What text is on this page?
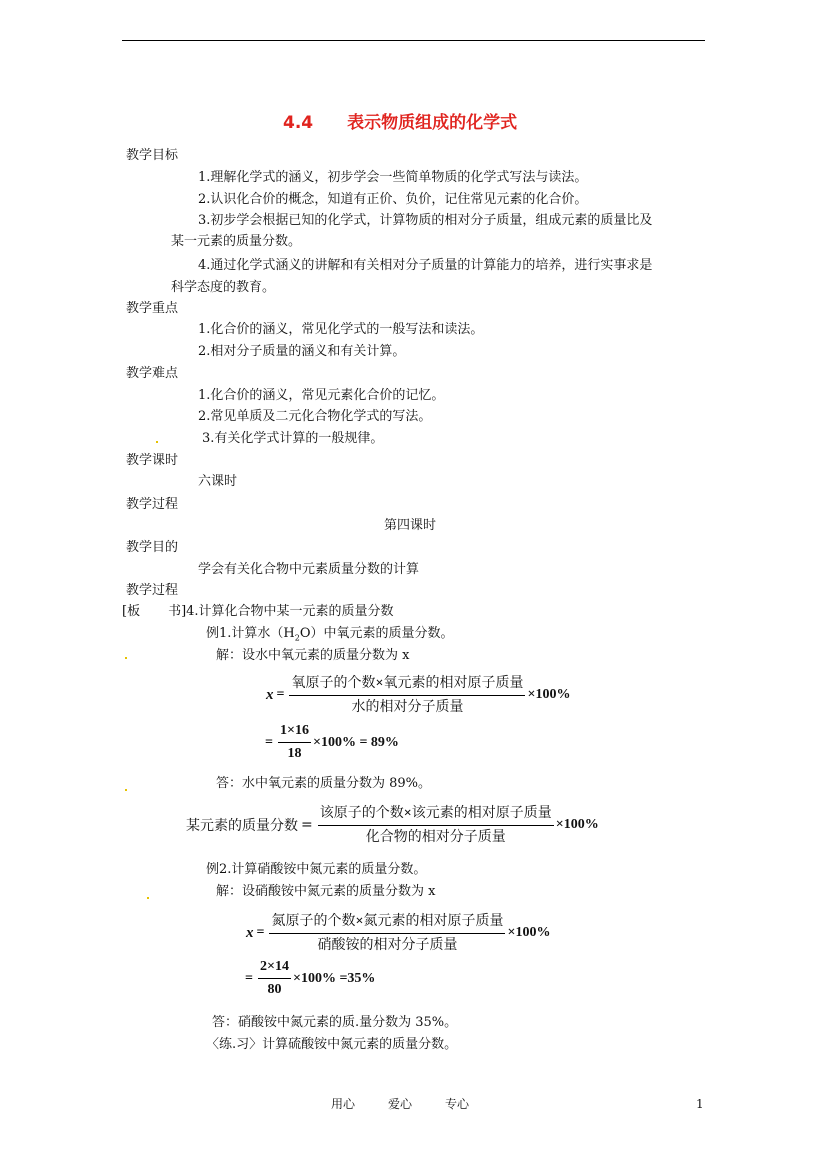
4.4 表示物质组成的化学式
教学目标
1.理解化学式的涵义，初步学会一些简单物质的化学式写法与读法。
2.认识化合价的概念，知道有正价、负价，记住常见元素的化合价。
3.初步学会根据已知的化学式，计算物质的相对分子质量，组成元素的质量比及
某一元素的质量分数。
4.通过化学式涵义的讲解和有关相对分子质量的计算能力的培养，进行实事求是
科学态度的教育。
教学重点
1.化合价的涵义，常见化学式的一般写法和读法。
2.相对分子质量的涵义和有关计算。
教学难点
1.化合价的涵义，常见元素化合价的记忆。
2.常见单质及二元化合物化学式的写法。
3.有关化学式计算的一般规律。
教学课时
六课时
教学过程
第四课时
教学目的
学会有关化合物中元素质量分数的计算
教学过程
[板 书]4.计算化合物中某一元素的质量分数
例1.计算水$(H_2O)$中氧元素的质量分数。
解：设水中氧元素的质量分数为 x
$x = \frac{\text{氧原子的个数×氧元素的相对原子质量}}{\text{水的相对分子质量}} \times 100\%$
= $\frac{1\times 16}{18} \times 100\% = 89\%$
答：水中氧元素的质量分数为 89%。
某元素的质量分数 = $\frac{\text{该原子的个数×该元素的相对原子质量}}{\text{化合物的相对分子质量}} \times 100\%$
例2.计算硝酸铵中氮元素的质量分数。
解：设硝酸铵中氮元素的质量分数为 x
$x = \frac{\text{氮原子的个数×氮元素的相对原子质量}}{\text{硝酸铵的相对分子质量}} \times 100\%$
= $\frac{2\times 14}{80} \times 100\% =35\%$
答：硝酸铵中氮元素的质.量分数为 35%。
〈练.习〉计算硫酸铵中氮元素的质量分数。
用心	爱心	专心	1
